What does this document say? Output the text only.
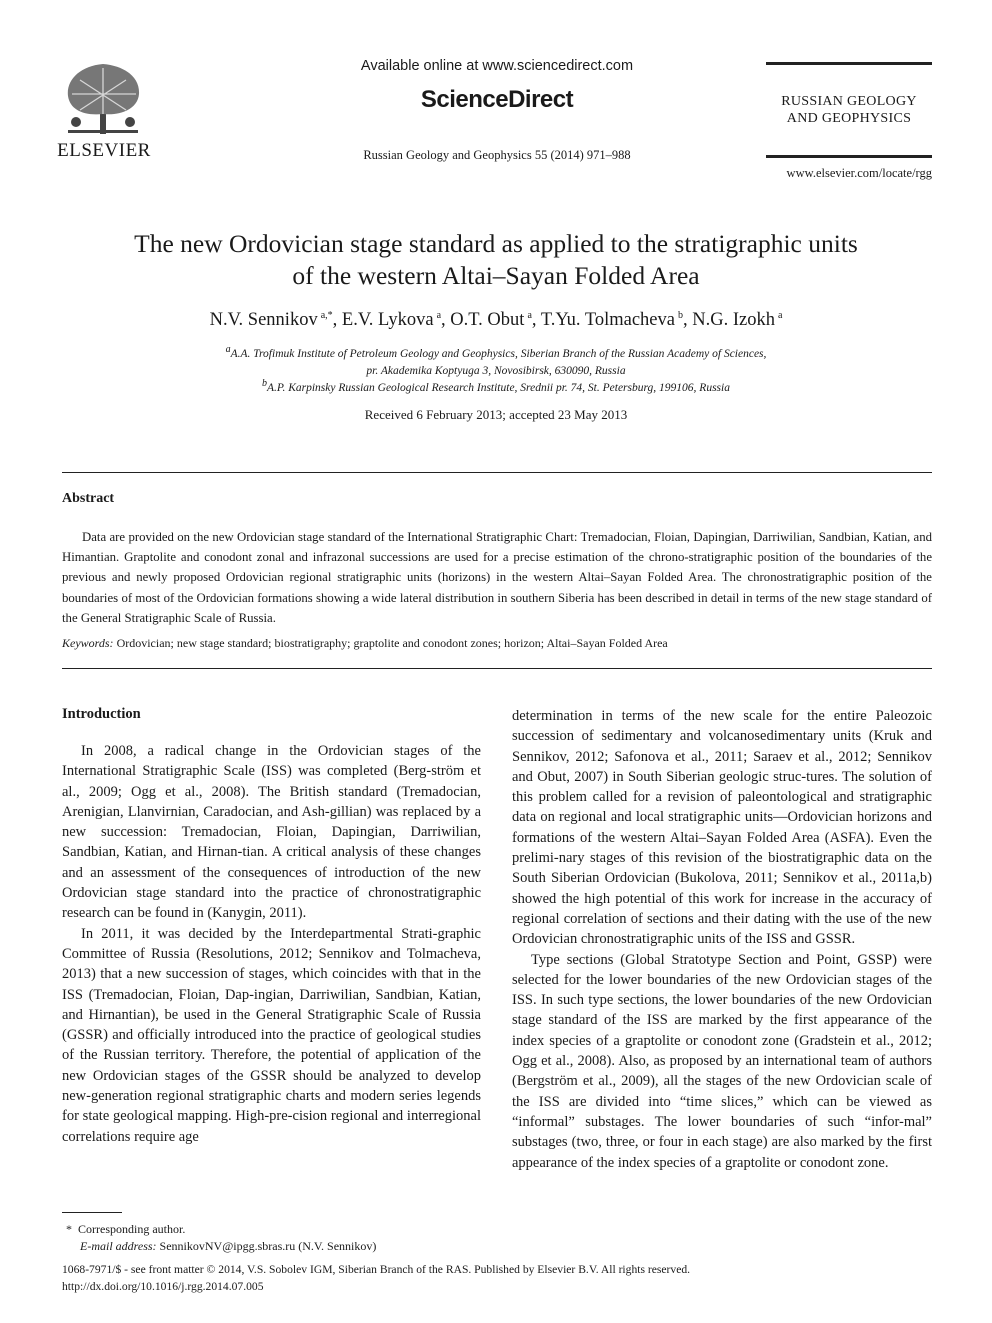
ELSEVIER
Available online at www.sciencedirect.com
ScienceDirect
Russian Geology and Geophysics 55 (2014) 971–988
RUSSIAN GEOLOGY
AND GEOPHYSICS
www.elsevier.com/locate/rgg
The new Ordovician stage standard as applied to the stratigraphic units
of the western Altai–Sayan Folded Area
N.V. Sennikov $^{a,*}$, E.V. Lykova $^a$, O.T. Obut $^a$, T.Yu. Tolmacheva $^b$, N.G. Izokh $^a$
$^a$A.A. Trofimuk Institute of Petroleum Geology and Geophysics, Siberian Branch of the Russian Academy of Sciences,
pr. Akademika Koptyuga 3, Novosibirsk, 630090, Russia
$^b$A.P. Karpinsky Russian Geological Research Institute, Srednii pr. 74, St. Petersburg, 199106, Russia
Received 6 February 2013; accepted 23 May 2013
Abstract
Data are provided on the new Ordovician stage standard of the International Stratigraphic Chart: Tremadocian, Floian, Dapingian, Darriwilian, Sandbian, Katian, and Himantian. Graptolite and conodont zonal and infrazonal successions are used for a precise estimation of the chrono-stratigraphic position of the boundaries of the previous and newly proposed Ordovician regional stratigraphic units (horizons) in the western Altai–Sayan Folded Area. The chronostratigraphic position of the boundaries of most of the Ordovician formations showing a wide lateral distribution in southern Siberia has been described in detail in terms of the new stage standard of the General Stratigraphic Scale of Russia.
Keywords: Ordovician; new stage standard; biostratigraphy; graptolite and conodont zones; horizon; Altai–Sayan Folded Area
Introduction

In 2008, a radical change in the Ordovician stages of the International Stratigraphic Scale (ISS) was completed (Berg-ström et al., 2009; Ogg et al., 2008). The British standard (Tremadocian, Arenigian, Llanvirnian, Caradocian, and Ash-gillian) was replaced by a new succession: Tremadocian, Floian, Dapingian, Darriwilian, Sandbian, Katian, and Hirnan-tian. A critical analysis of these changes and an assessment of the consequences of introduction of the new Ordovician stage standard into the practice of chronostratigraphic research can be found in (Kanygin, 2011).

In 2011, it was decided by the Interdepartmental Strati-graphic Committee of Russia (Resolutions, 2012; Sennikov and Tolmacheva, 2013) that a new succession of stages, which coincides with that in the ISS (Tremadocian, Floian, Dap-ingian, Darriwilian, Sandbian, Katian, and Hirnantian), be used in the General Stratigraphic Scale of Russia (GSSR) and officially introduced into the practice of geological studies of the Russian territory. Therefore, the potential of application of the new Ordovician stages of the GSSR should be analyzed to develop new-generation regional stratigraphic charts and modern series legends for state geological mapping. High-pre-cision regional and interregional correlations require age

determination in terms of the new scale for the entire Paleozoic succession of sedimentary and volcanosedimentary units (Kruk and Sennikov, 2012; Safonova et al., 2011; Saraev et al., 2012; Sennikov and Obut, 2007) in South Siberian geologic struc-tures. The solution of this problem called for a revision of paleontological and stratigraphic data on regional and local stratigraphic units—Ordovician horizons and formations of the western Altai–Sayan Folded Area (ASFA). Even the prelimi-nary stages of this revision of the biostratigraphic data on the South Siberian Ordovician (Bukolova, 2011; Sennikov et al., 2011a,b) showed the high potential of this work for increase in the accuracy of regional correlation of sections and their dating with the use of the new Ordovician chronostratigraphic units of the ISS and GSSR.

Type sections (Global Stratotype Section and Point, GSSP) were selected for the lower boundaries of the new Ordovician stages of the ISS. In such type sections, the lower boundaries of the new Ordovician stage standard of the ISS are marked by the first appearance of the index species of a graptolite or conodont zone (Gradstein et al., 2012; Ogg et al., 2008). Also, as proposed by an international team of authors (Bergström et al., 2009), all the stages of the new Ordovician scale of the ISS are divided into “time slices,” which can be viewed as “informal” substages. The lower boundaries of such “infor-mal” substages (two, three, or four in each stage) are also marked by the first appearance of the index species of a graptolite or conodont zone.

* Corresponding author.
E-mail address: SennikovNV@ipgg.sbras.ru (N.V. Sennikov)
1068-7971/$ - see front matter © 2014, V.S. Sobolev IGM, Siberian Branch of the RAS. Published by Elsevier B.V. All rights reserved.
http://dx.doi.org/10.1016/j.rgg.2014.07.005
